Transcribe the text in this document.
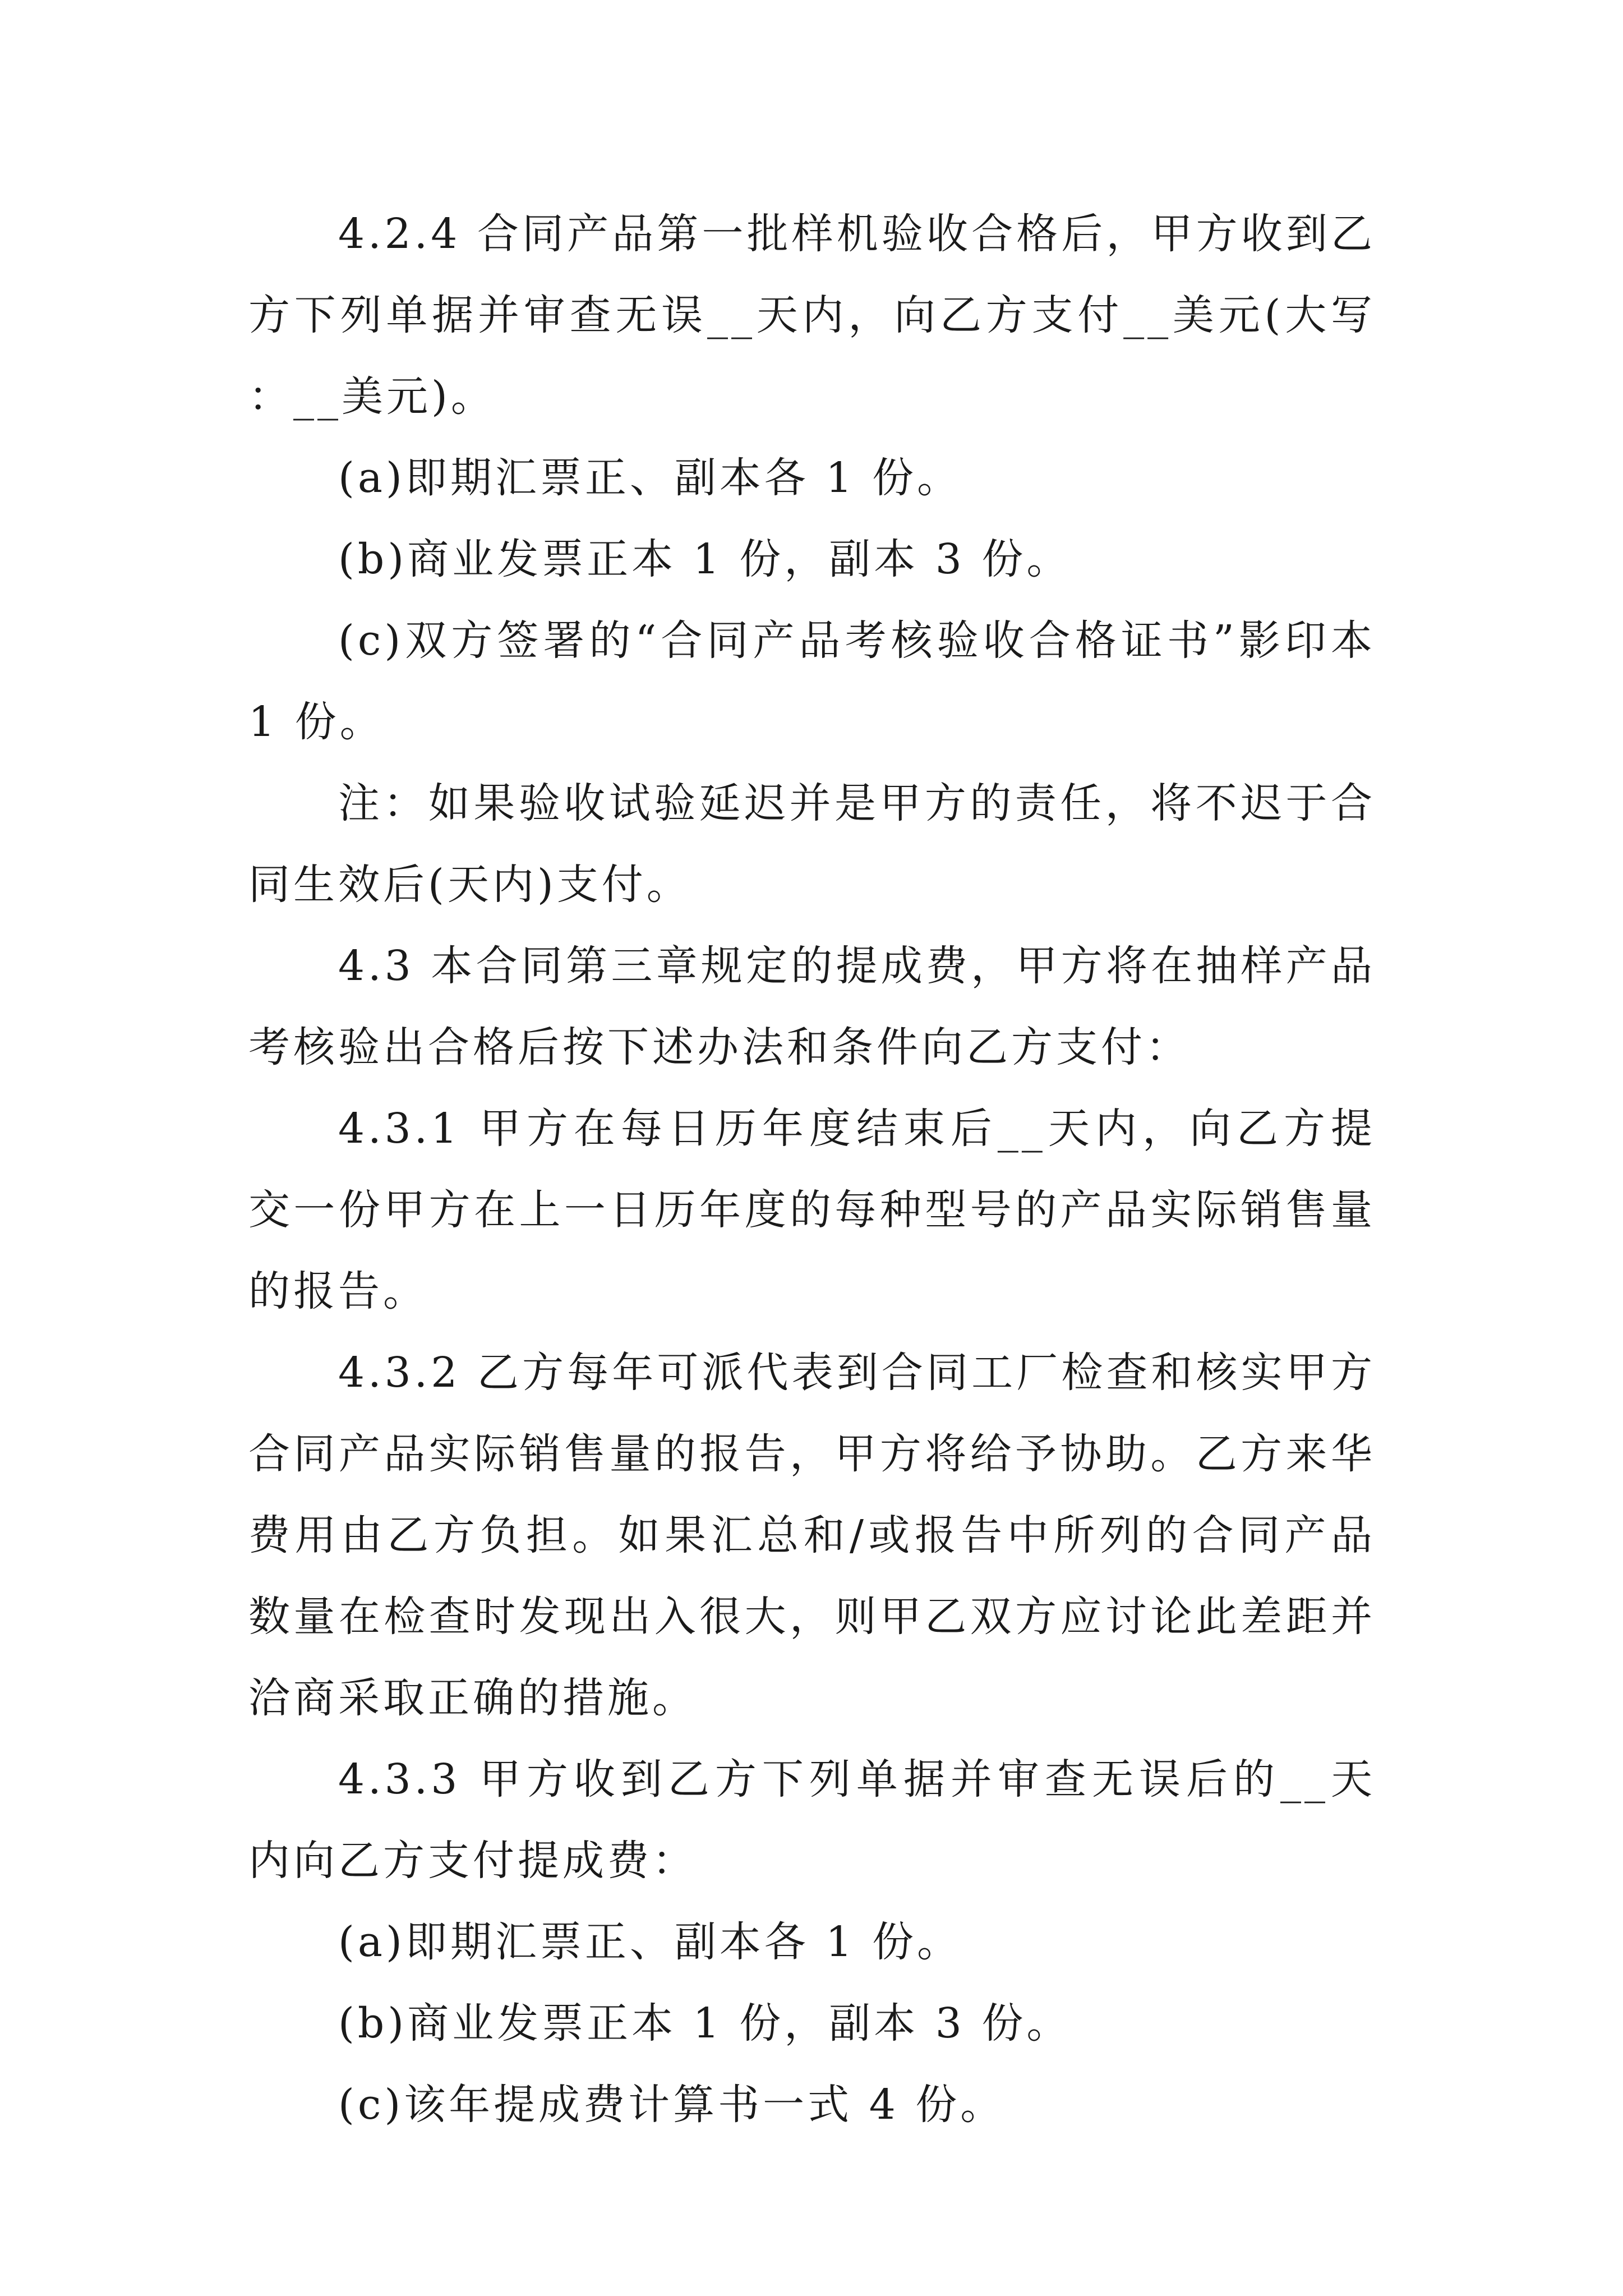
4.2.4 合同产品第一批样机验收合格后，甲方收到乙方下列单据并审查无误__天内，向乙方支付__美元(大写：__美元)。

(a)即期汇票正、副本各 1 份。

(b)商业发票正本 1 份，副本 3 份。

(c)双方签署的“合同产品考核验收合格证书”影印本 1 份。

注：如果验收试验延迟并是甲方的责任，将不迟于合同生效后(天内)支付。

4.3 本合同第三章规定的提成费，甲方将在抽样产品考核验出合格后按下述办法和条件向乙方支付：

4.3.1 甲方在每日历年度结束后__天内，向乙方提交一份甲方在上一日历年度的每种型号的产品实际销售量的报告。

4.3.2 乙方每年可派代表到合同工厂检查和核实甲方合同产品实际销售量的报告，甲方将给予协助。乙方来华费用由乙方负担。如果汇总和/或报告中所列的合同产品数量在检查时发现出入很大，则甲乙双方应讨论此差距并洽商采取正确的措施。

4.3.3 甲方收到乙方下列单据并审查无误后的__天内向乙方支付提成费：

(a)即期汇票正、副本各 1 份。

(b)商业发票正本 1 份，副本 3 份。

(c)该年提成费计算书一式 4 份。
